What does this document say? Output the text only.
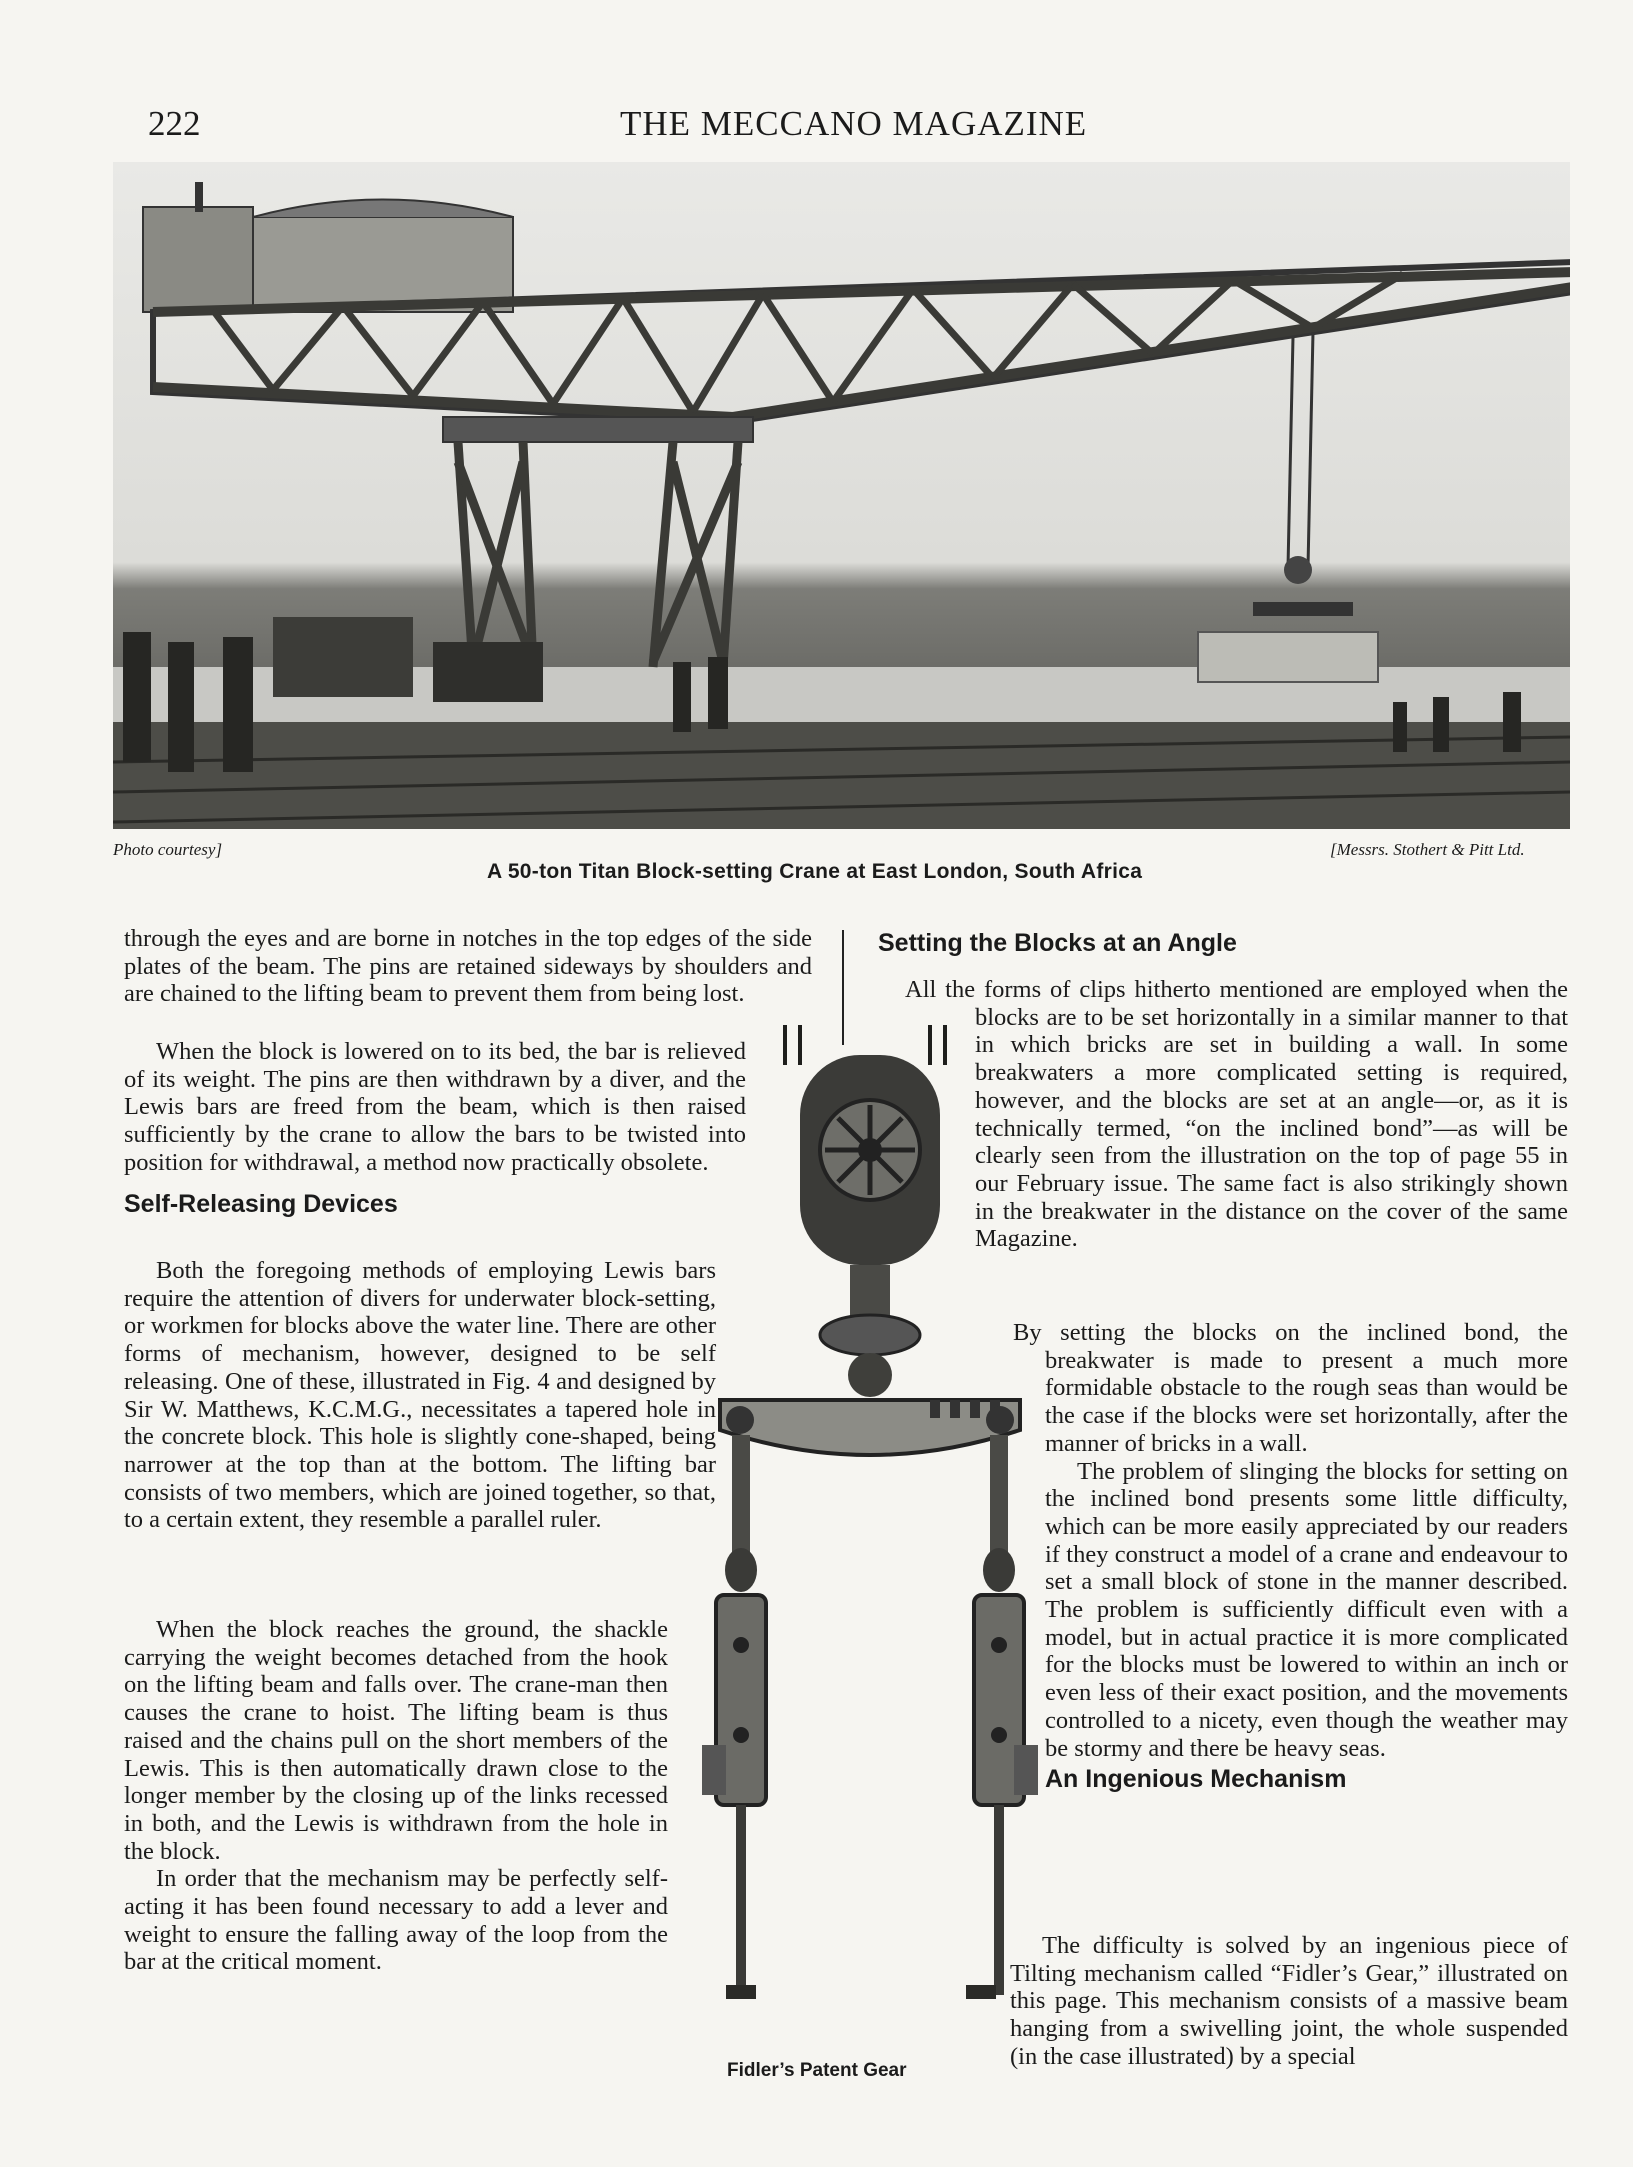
222	THE MECCANO MAGAZINE
Photo courtesy]	[Messrs. Stothert & Pitt Ltd.
A 50-ton Titan Block-setting Crane at East London, South Africa

through the eyes and are borne in notches in the top edges of the side plates of the beam. The pins are retained sideways by shoulders and are chained to the lifting beam to prevent them from being lost.

When the block is lowered on to its bed, the bar is relieved of its weight. The pins are then withdrawn by a diver, and the Lewis bars are freed from the beam, which is then raised sufficiently by the crane to allow the bars to be twisted into position for withdrawal, a method now practically obsolete.

Self-Releasing Devices

Both the foregoing methods of employing Lewis bars require the attention of divers for underwater block-setting, or workmen for blocks above the water line. There are other forms of mechanism, however, designed to be self releasing. One of these, illustrated in Fig. 4 and designed by Sir W. Matthews, K.C.M.G., necessitates a tapered hole in the concrete block. This hole is slightly cone-shaped, being narrower at the top than at the bottom. The lifting bar consists of two members, which are joined together, so that, to a certain extent, they resemble a parallel ruler.

When the block reaches the ground, the shackle carrying the weight becomes detached from the hook on the lifting beam and falls over. The crane-man then causes the crane to hoist. The lifting beam is thus raised and the chains pull on the short members of the Lewis. This is then automatically drawn close to the longer member by the closing up of the links recessed in both, and the Lewis is withdrawn from the hole in the block.

In order that the mechanism may be perfectly self-acting it has been found necessary to add a lever and weight to ensure the falling away of the loop from the bar at the critical moment.

Fidler’s Patent Gear
Setting the Blocks at an Angle

All the forms of clips hitherto mentioned are employed when the blocks are to be set horizontally in a similar manner to that in which bricks are set in building a wall. In some breakwaters a more complicated setting is required, however, and the blocks are set at an angle—or, as it is technically termed, “on the inclined bond”—as will be clearly seen from the illustration on the top of page 55 in our February issue. The same fact is also strikingly shown in the breakwater in the distance on the cover of the same Magazine.

By setting the blocks on the inclined bond, the breakwater is made to present a much more formidable obstacle to the rough seas than would be the case if the blocks were set horizontally, after the manner of bricks in a wall.

The problem of slinging the blocks for setting on the inclined bond presents some little difficulty, which can be more easily appreciated by our readers if they construct a model of a crane and endeavour to set a small block of stone in the manner described. The problem is sufficiently difficult even with a model, but in actual practice it is more complicated for the blocks must be lowered to within an inch or even less of their exact position, and the movements controlled to a nicety, even though the weather may be stormy and there be heavy seas.

An Ingenious Mechanism

The difficulty is solved by an ingenious piece of Tilting mechanism called “Fidler’s Gear,” illustrated on this page. This mechanism consists of a massive beam hanging from a swivelling joint, the whole suspended (in the case illustrated) by a special
